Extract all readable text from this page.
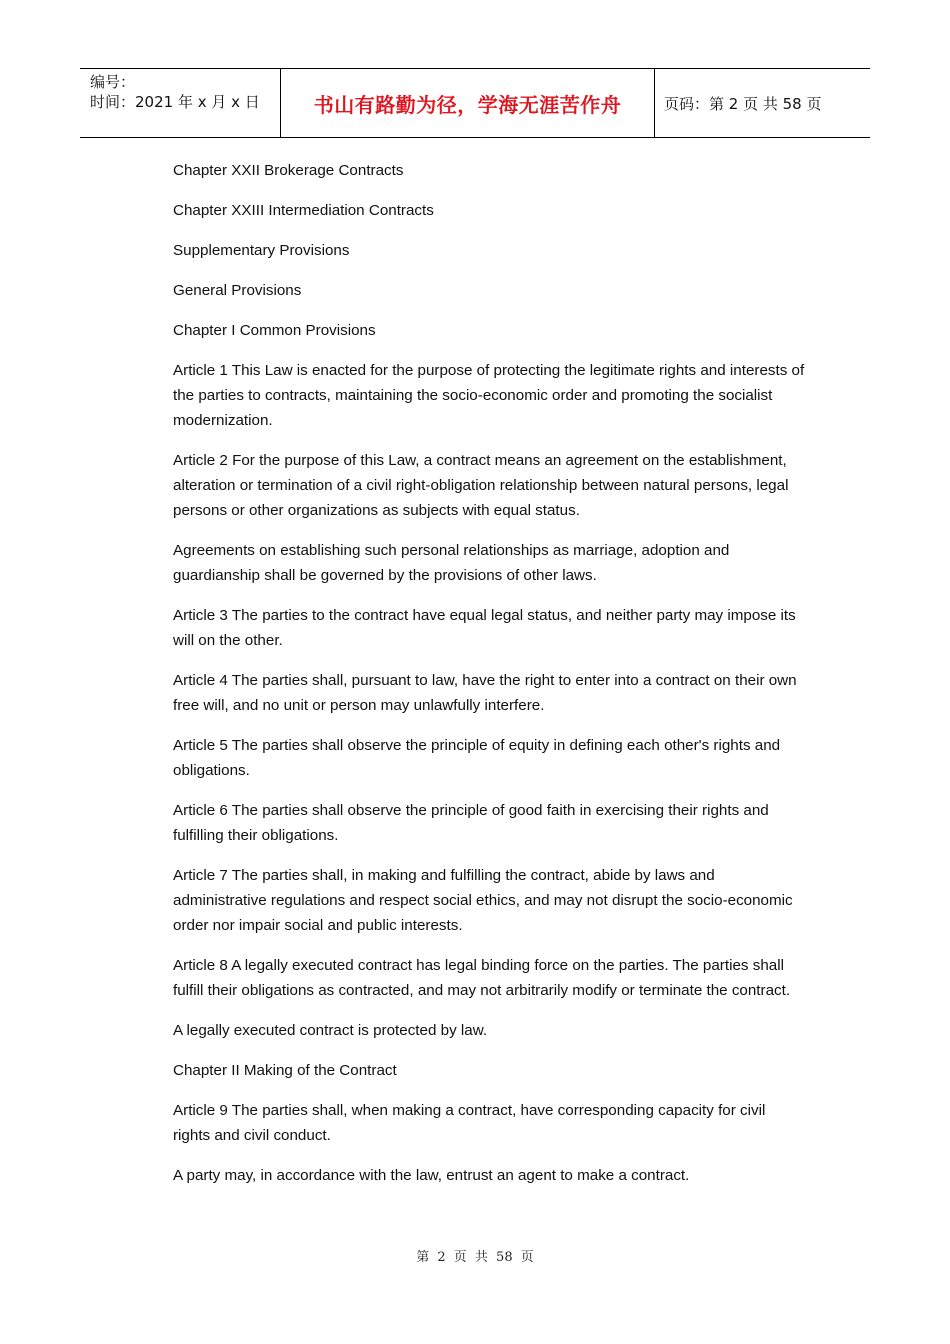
编号：
时间：2021 年 x 月 x 日	书山有路勤为径，学海无涯苦作舟	页码：第 2 页 共 58 页

Chapter XXII Brokerage Contracts

Chapter XXIII Intermediation Contracts

Supplementary Provisions

General Provisions

Chapter I Common Provisions

Article 1 This Law is enacted for the purpose of protecting the legitimate rights and interests of the parties to contracts, maintaining the socio-economic order and promoting the socialist modernization.

Article 2 For the purpose of this Law, a contract means an agreement on the establishment, alteration or termination of a civil right-obligation relationship between natural persons, legal persons or other organizations as subjects with equal status.

Agreements on establishing such personal relationships as marriage, adoption and guardianship shall be governed by the provisions of other laws.

Article 3 The parties to the contract have equal legal status, and neither party may impose its will on the other.

Article 4 The parties shall, pursuant to law, have the right to enter into a contract on their own free will, and no unit or person may unlawfully interfere.

Article 5 The parties shall observe the principle of equity in defining each other's rights and obligations.

Article 6 The parties shall observe the principle of good faith in exercising their rights and fulfilling their obligations.

Article 7 The parties shall, in making and fulfilling the contract, abide by laws and administrative regulations and respect social ethics, and may not disrupt the socio-economic order nor impair social and public interests.

Article 8 A legally executed contract has legal binding force on the parties. The parties shall fulfill their obligations as contracted, and may not arbitrarily modify or terminate the contract.

A legally executed contract is protected by law.

Chapter II Making of the Contract

Article 9 The parties shall, when making a contract, have corresponding capacity for civil rights and civil conduct.

A party may, in accordance with the law, entrust an agent to make a contract.

第 2 页 共 58 页
